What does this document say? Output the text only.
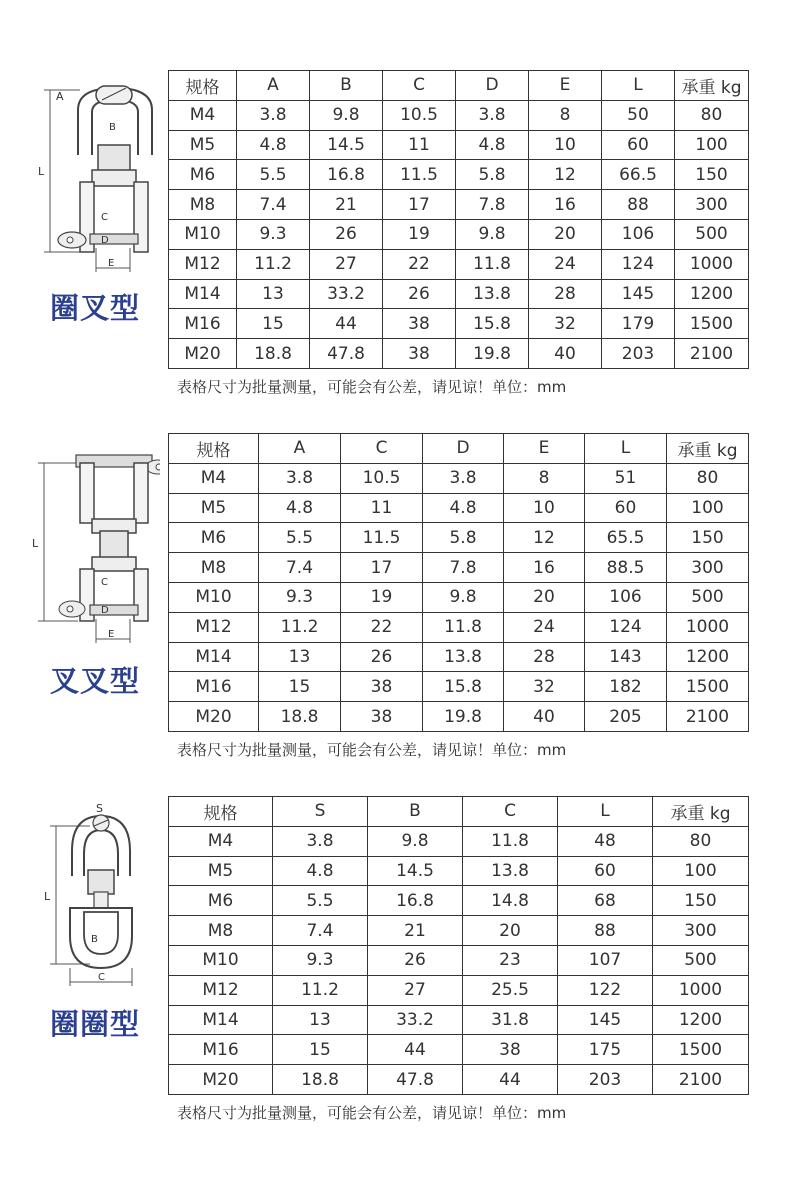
A
B
C
D
E
L
圈叉型
规格	A	B	C	D	E	L	承重 kg
M4	3.8	9.8	10.5	3.8	8	50	80
M5	4.8	14.5	11	4.8	10	60	100
M6	5.5	16.8	11.5	5.8	12	66.5	150
M8	7.4	21	17	7.8	16	88	300
M10	9.3	26	19	9.8	20	106	500
M12	11.2	27	22	11.8	24	124	1000
M14	13	33.2	26	13.8	28	145	1200
M16	15	44	38	15.8	32	179	1500
M20	18.8	47.8	38	19.8	40	203	2100
表格尺寸为批量测量，可能会有公差，请见谅！单位：mm
C
D
E
L
叉叉型
规格	A	C	D	E	L	承重 kg
M4	3.8	10.5	3.8	8	51	80
M5	4.8	11	4.8	10	60	100
M6	5.5	11.5	5.8	12	65.5	150
M8	7.4	17	7.8	16	88.5	300
M10	9.3	19	9.8	20	106	500
M12	11.2	22	11.8	24	124	1000
M14	13	26	13.8	28	143	1200
M16	15	38	15.8	32	182	1500
M20	18.8	38	19.8	40	205	2100
表格尺寸为批量测量，可能会有公差，请见谅！单位：mm
S
B
C
L
圈圈型
规格	S	B	C	L	承重 kg
M4	3.8	9.8	11.8	48	80
M5	4.8	14.5	13.8	60	100
M6	5.5	16.8	14.8	68	150
M8	7.4	21	20	88	300
M10	9.3	26	23	107	500
M12	11.2	27	25.5	122	1000
M14	13	33.2	31.8	145	1200
M16	15	44	38	175	1500
M20	18.8	47.8	44	203	2100
表格尺寸为批量测量，可能会有公差，请见谅！单位：mm
